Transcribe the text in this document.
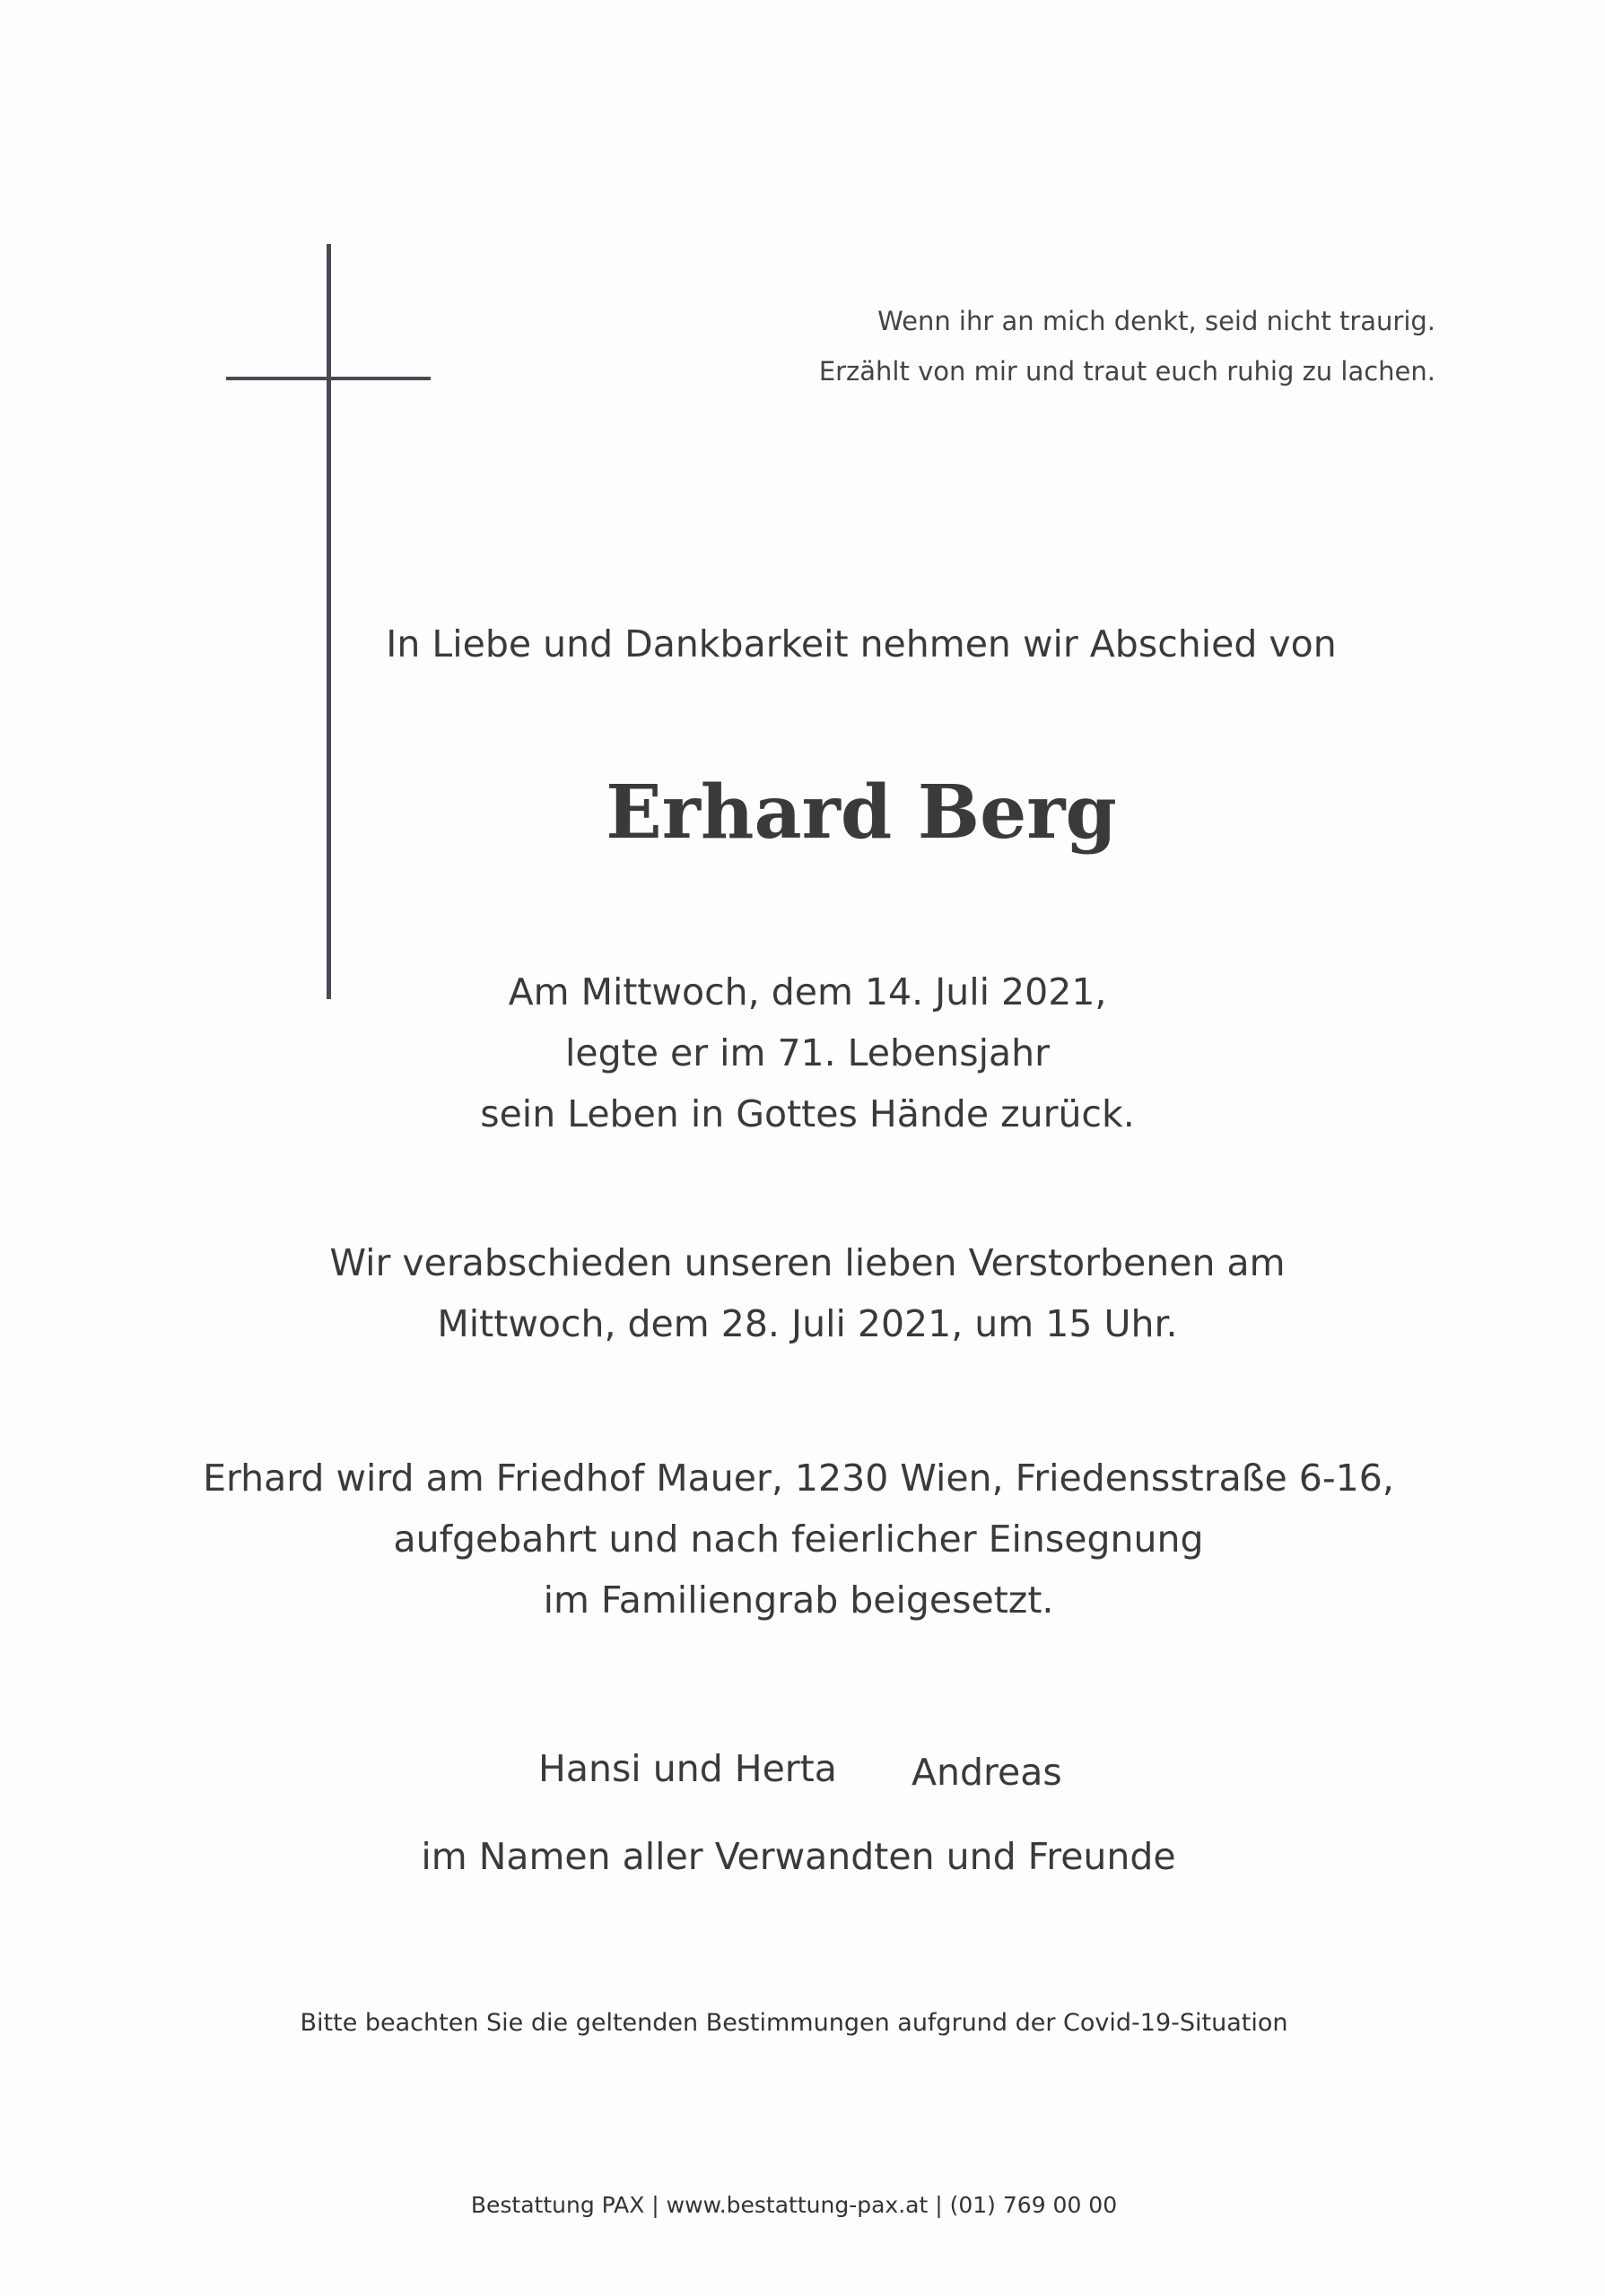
Wenn ihr an mich denkt, seid nicht traurig.
Erzählt von mir und traut euch ruhig zu lachen.
In Liebe und Dankbarkeit nehmen wir Abschied von
Erhard Berg
Am Mittwoch, dem 14. Juli 2021,
legte er im 71. Lebensjahr
sein Leben in Gottes Hände zurück.
Wir verabschieden unseren lieben Verstorbenen am
Mittwoch, dem 28. Juli 2021, um 15 Uhr.
Erhard wird am Friedhof Mauer, 1230 Wien, Friedensstraße 6-16,
aufgebahrt und nach feierlicher Einsegnung
im Familiengrab beigesetzt.
Hansi und Herta Andreas
im Namen aller Verwandten und Freunde
Bitte beachten Sie die geltenden Bestimmungen aufgrund der Covid-19-Situation
Bestattung PAX | www.bestattung-pax.at | (01) 769 00 00
